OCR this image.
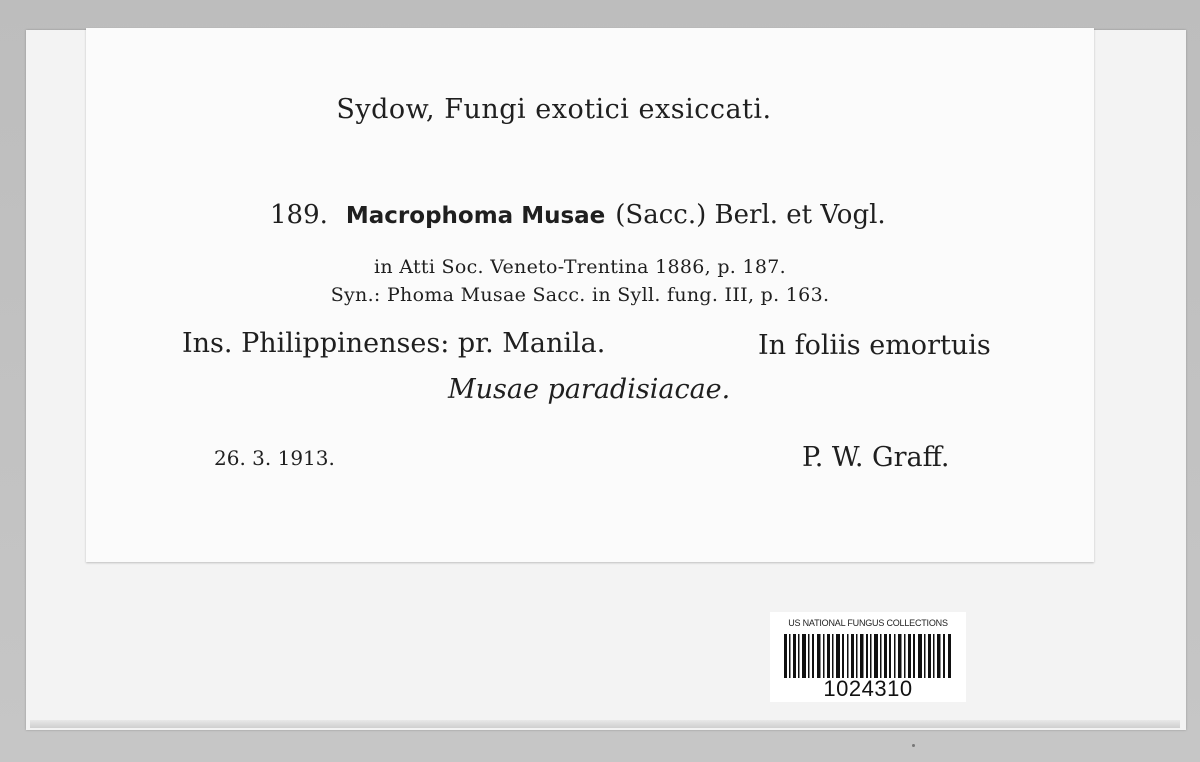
Sydow, Fungi exotici exsiccati.
189. Macrophoma Musae (Sacc.) Berl. et Vogl.
in Atti Soc. Veneto-Trentina 1886, p. 187.
Syn.: Phoma Musae Sacc. in Syll. fung. III, p. 163.
Ins. Philippinenses: pr. Manila.	In foliis emortuis
Musae paradisiacae.
26. 3. 1913.	P. W. Graff.
US NATIONAL FUNGUS COLLECTIONS
1024310
